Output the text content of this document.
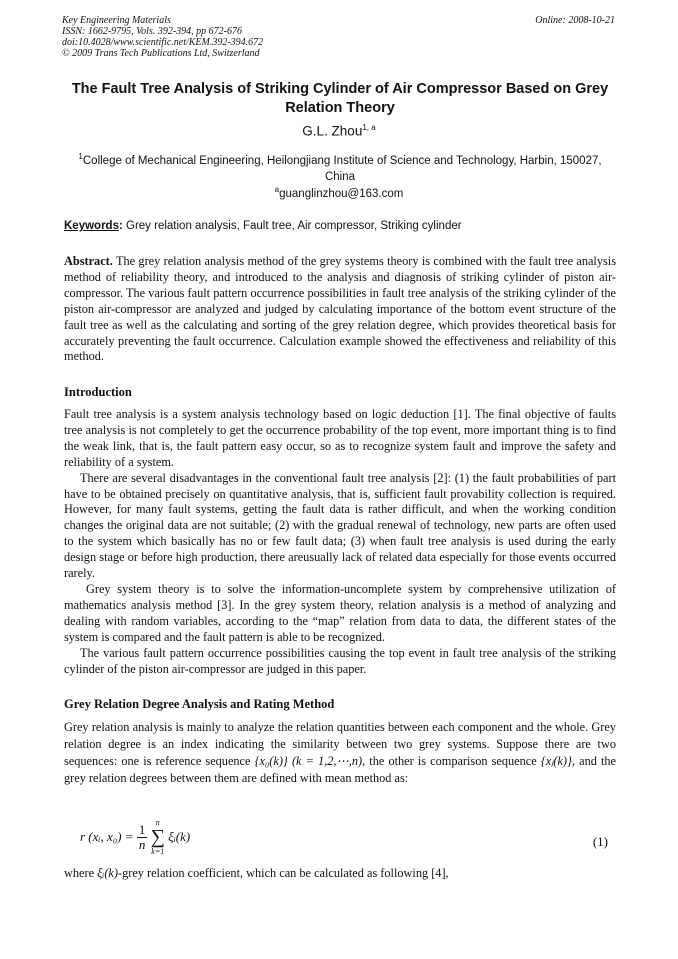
Key Engineering Materials
ISSN: 1662-9795, Vols. 392-394, pp 672-676
doi:10.4028/www.scientific.net/KEM.392-394.672
© 2009 Trans Tech Publications Ltd, Switzerland
Online: 2008-10-21
The Fault Tree Analysis of Striking Cylinder of Air Compressor Based on Grey Relation Theory
G.L. Zhou$^{1, a}$
$^1$College of Mechanical Engineering, Heilongjiang Institute of Science and Technology, Harbin, 150027, China
$^a$guanglinzhou@163.com
Keywords: Grey relation analysis, Fault tree, Air compressor, Striking cylinder

Abstract. The grey relation analysis method of the grey systems theory is combined with the fault tree analysis method of reliability theory, and introduced to the analysis and diagnosis of striking cylinder of piston air-compressor. The various fault pattern occurrence possibilities in fault tree analysis of the striking cylinder of the piston air-compressor are analyzed and judged by calculating importance of the bottom event structure of the fault tree as well as the calculating and sorting of the grey relation degree, which provides theoretical basis for accurately preventing the fault occurrence. Calculation example showed the effectiveness and reliability of this method.

Introduction

Fault tree analysis is a system analysis technology based on logic deduction [1]. The final objective of faults tree analysis is not completely to get the occurrence probability of the top event, more important thing is to find the weak link, that is, the fault pattern easy occur, so as to recognize system fault and improve the safety and reliability of a system.

There are several disadvantages in the conventional fault tree analysis [2]: (1) the fault probabilities of part have to be obtained precisely on quantitative analysis, that is, sufficient fault provability collection is required. However, for many fault systems, getting the fault data is rather difficult, and when the working condition changes the original data are not suitable; (2) with the gradual renewal of technology, new parts are often used to the system which basically has no or few fault data; (3) when fault tree analysis is used during the early design stage or before high production, there areusually lack of related data especially for those events occurred rarely.

Grey system theory is to solve the information-uncomplete system by comprehensive utilization of mathematics analysis method [3]. In the grey system theory, relation analysis is a method of analyzing and dealing with random variables, according to the “map” relation from data to data, the different states of the system is compared and the fault pattern is able to be recognized.

The various fault pattern occurrence possibilities causing the top event in fault tree analysis of the striking cylinder of the piston air-compressor are judged in this paper.

Grey Relation Degree Analysis and Rating Method

Grey relation analysis is mainly to analyze the relation quantities between each component and the whole. Grey relation degree is an index indicating the similarity between two grey systems. Suppose there are two sequences: one is reference sequence {x₀(k)} (k = 1,2,⋯,n), the other is comparison sequence {xⱼ(k)}, and the grey relation degrees between them are defined with mean method as:

r (xᵢ, $x_0) = \frac{1}{n}$
	n
∑
k=1
ξᵢ(k)	(1)

where ξᵢ(k)-grey relation coefficient, which can be calculated as following [4],
